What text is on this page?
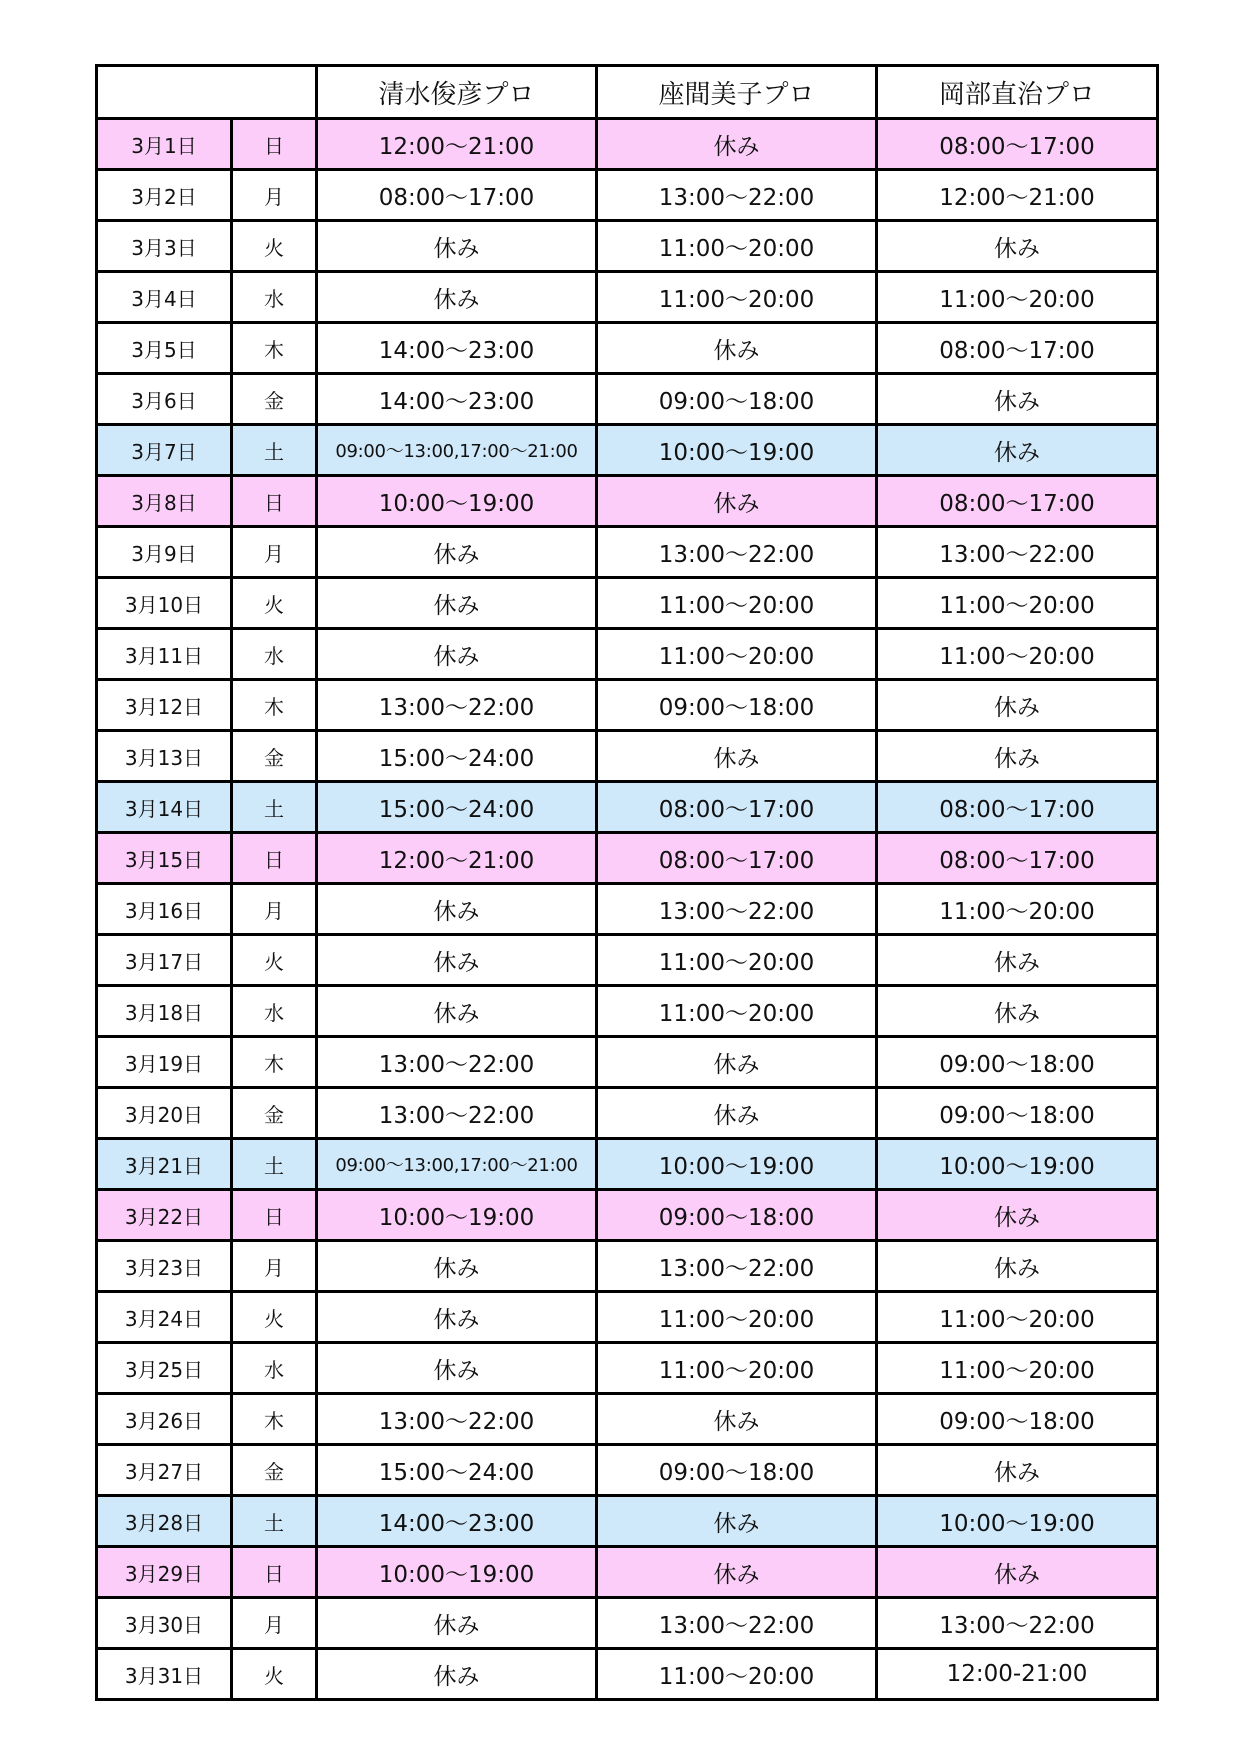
		清水俊彦プロ	座間美子プロ	岡部直治プロ
3月1日	日	12:00～21:00	休み	08:00～17:00
3月2日	月	08:00～17:00	13:00～22:00	12:00～21:00
3月3日	火	休み	11:00～20:00	休み
3月4日	水	休み	11:00～20:00	11:00～20:00
3月5日	木	14:00～23:00	休み	08:00～17:00
3月6日	金	14:00～23:00	09:00～18:00	休み
3月7日	土	09:00～13:00,17:00～21:00	10:00～19:00	休み
3月8日	日	10:00～19:00	休み	08:00～17:00
3月9日	月	休み	13:00～22:00	13:00～22:00
3月10日	火	休み	11:00～20:00	11:00～20:00
3月11日	水	休み	11:00～20:00	11:00～20:00
3月12日	木	13:00～22:00	09:00～18:00	休み
3月13日	金	15:00～24:00	休み	休み
3月14日	土	15:00～24:00	08:00～17:00	08:00～17:00
3月15日	日	12:00～21:00	08:00～17:00	08:00～17:00
3月16日	月	休み	13:00～22:00	11:00～20:00
3月17日	火	休み	11:00～20:00	休み
3月18日	水	休み	11:00～20:00	休み
3月19日	木	13:00～22:00	休み	09:00～18:00
3月20日	金	13:00～22:00	休み	09:00～18:00
3月21日	土	09:00～13:00,17:00～21:00	10:00～19:00	10:00～19:00
3月22日	日	10:00～19:00	09:00～18:00	休み
3月23日	月	休み	13:00～22:00	休み
3月24日	火	休み	11:00～20:00	11:00～20:00
3月25日	水	休み	11:00～20:00	11:00～20:00
3月26日	木	13:00～22:00	休み	09:00～18:00
3月27日	金	15:00～24:00	09:00～18:00	休み
3月28日	土	14:00～23:00	休み	10:00～19:00
3月29日	日	10:00～19:00	休み	休み
3月30日	月	休み	13:00～22:00	13:00～22:00
3月31日	火	休み	11:00～20:00	12:00-21:00
